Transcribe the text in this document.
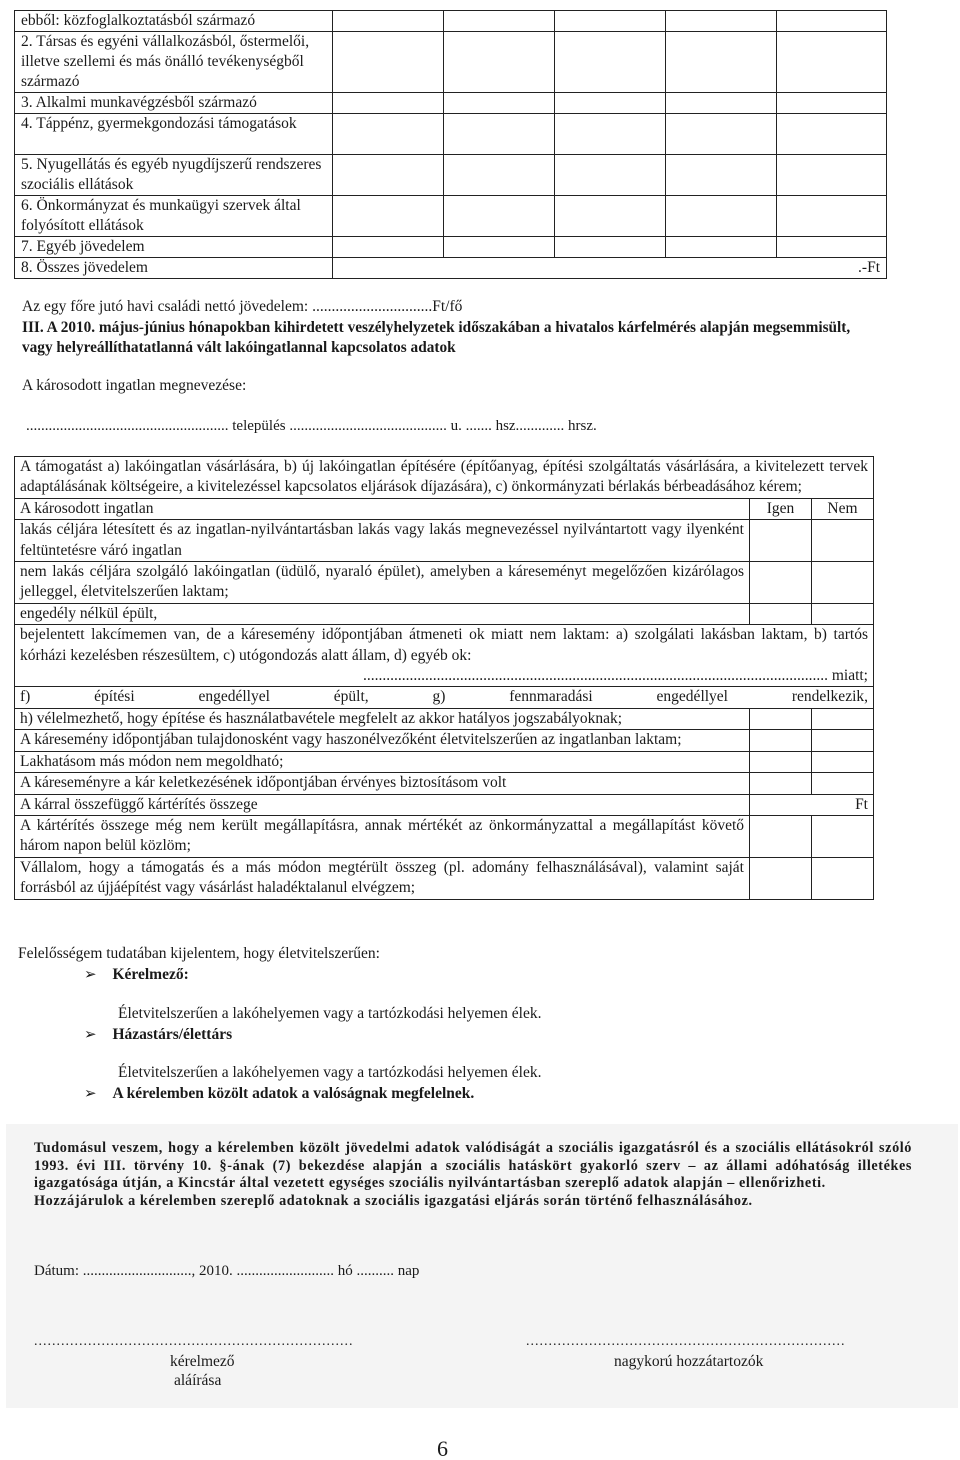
ebből: közfoglalkoztatásból származó					
2. Társas és egyéni vállalkozásból, őstermelői, illetve szellemi és más önálló tevékenységből származó					
3. Alkalmi munkavégzésből származó					
4. Táppénz, gyermekgondozási támogatások					
5. Nyugellátás és egyéb nyugdíjszerű rendszeres szociális ellátások					
6. Önkormányzat és munkaügyi szervek által folyósított ellátások					
7. Egyéb jövedelem					
8. Összes jövedelem	.-Ft				
Az egy főre jutó havi családi nettó jövedelem: ...............................Ft/fő
III. A 2010. május-június hónapokban kihirdetett veszélyhelyzetek időszakában a hivatalos kárfelmérés alapján megsemmisült, vagy helyreállíthatatlanná vált lakóingatlannal kapcsolatos adatok
A károsodott ingatlan megnevezése:
...................................................... település .......................................... u. ....... hsz............. hrsz.
A támogatást a) lakóingatlan vásárlására, b) új lakóingatlan építésére (építőanyag, építési szolgáltatás vásárlására, a kivitelezett tervek adaptálásának költségeire, a kivitelezéssel kapcsolatos eljárások díjazására), c) önkormányzati bérlakás bérbeadásához kérem;		
A károsodott ingatlan	Igen	Nem
lakás céljára létesített és az ingatlan-nyilvántartásban lakás vagy lakás megnevezéssel nyilvántartott vagy ilyenként feltüntetésre váró ingatlan		
nem lakás céljára szolgáló lakóingatlan (üdülő, nyaraló épület), amelyben a káreseményt megelőzően kizárólagos jelleggel, életvitelszerűen laktam;		
engedély nélkül épült,		
bejelentett lakcímemen van, de a káresemény időpontjában átmeneti ok miatt nem laktam: a) szolgálati lakásban laktam, b) tartós kórházi kezelésben részesültem, c) utógondozás alatt állam, d) egyéb ok:
........................................................................................................................ miatt;		

f) építési engedéllyel épült, g) fennmaradási engedéllyel rendelkezik,		
h) vélelmezhető, hogy építése és használatbavétele megfelelt az akkor hatályos jogszabályoknak;		
A káresemény időpontjában tulajdonosként vagy haszonélvezőként életvitelszerűen az ingatlanban laktam;		
Lakhatásom más módon nem megoldható;		
A káreseményre a kár keletkezésének időpontjában érvényes biztosításom volt		
A kárral összefüggő kártérítés összege	Ft	
A kártérítés összege még nem került megállapításra, annak mértékét az önkormányzattal a megállapítást követő három napon belül közlöm;		
Vállalom, hogy a támogatás és a más módon megtérült összeg (pl. adomány felhasználásával), valamint saját forrásból az újjáépítést vagy vásárlást haladéktalanul elvégzem;		
Felelősségem tudatában kijelentem, hogy életvitelszerűen:
➢ Kérelmező:
Életvitelszerűen a lakóhelyemen vagy a tartózkodási helyemen élek.
➢ Házastárs/élettárs
Életvitelszerűen a lakóhelyemen vagy a tartózkodási helyemen élek.
➢ A kérelemben közölt adatok a valóságnak megfelelnek.
Tudomásul veszem, hogy a kérelemben közölt jövedelmi adatok valódiságát a szociális igazgatásról és a szociális ellátásokról szóló 1993. évi III. törvény 10. §-ának (7) bekezdése alapján a szociális hatáskört gyakorló szerv – az állami adóhatóság illetékes igazgatósága útján, a Kincstár által vezetett egységes szociális nyilvántartásban szereplő adatok alapján – ellenőrizheti.
Hozzájárulok a kérelemben szereplő adatoknak a szociális igazgatási eljárás során történő felhasználásához.
Dátum: ............................., 2010. .......................... hó .......... nap
.......................................................................	.......................................................................
kérelmező
aláírása
nagykorú hozzátartozók
6
